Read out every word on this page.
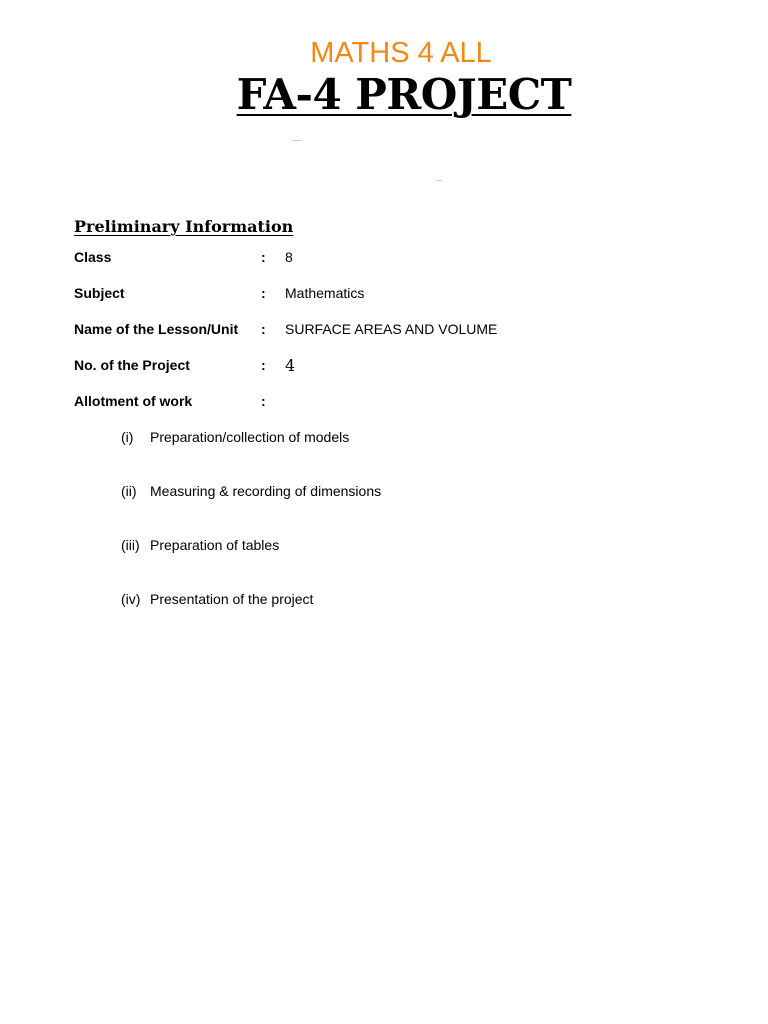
MATHS 4 ALL
FA-4 PROJECT
Preliminary Information
Class	: 8
Subject	: Mathematics
Name of the Lesson/Unit : SURFACE AREAS AND VOLUME
No. of the Project	: 4
Allotment of work	:
(i) Preparation/collection of models
(ii) Measuring & recording of dimensions
(iii) Preparation of tables
(iv) Presentation of the project
